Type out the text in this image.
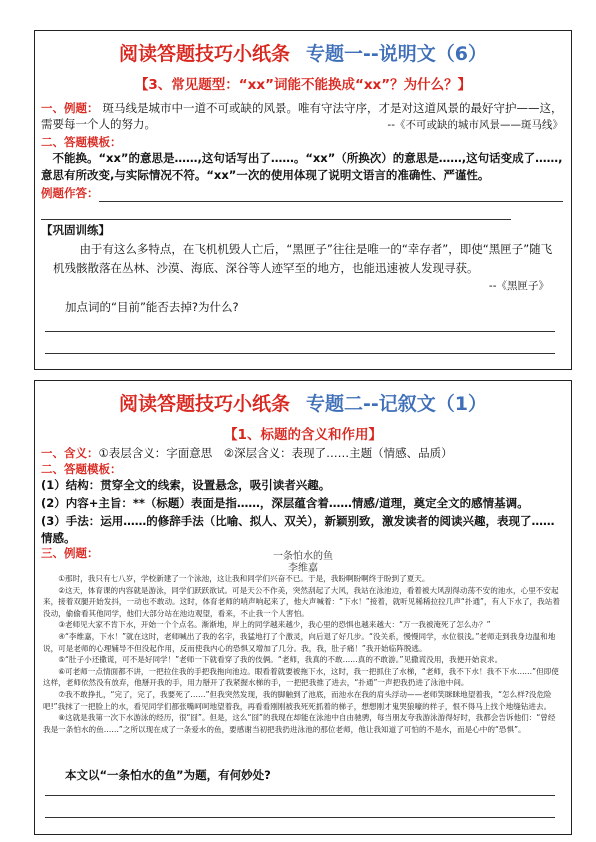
阅读答题技巧小纸条 专题一--说明文（6）
【3、常见题型：“xx”词能不能换成“xx”？为什么？】
一、例题： 斑马线是城市中一道不可或缺的风景。唯有守法守序，才是对这道风景的最好守护——这，需要每一个人的努力。	--《不可或缺的城市风景——斑马线》
二、答题模板：
不能换。“xx”的意思是……,这句话写出了……。“xx”（所换次）的意思是……,这句话变成了……,意思有所改变,与实际情况不符。“xx”一次的使用体现了说明文语言的准确性、严谨性。
例题作答：
【巩固训练】
由于有这么多特点，在飞机机毁人亡后，“黑匣子”往往是唯一的“幸存者”，即使“黑匣子”随飞机残骸散落在丛林、沙漠、海底、深谷等人迹罕至的地方，也能迅速被人发现寻获。
--《黑匣子》
加点词的“目前”能否去掉?为什么?
阅读答题技巧小纸条 专题二--记叙文（1）
【1、标题的含义和作用】
一、含义：①表层含义：字面意思　②深层含义：表现了……主题（情感、品质）
二、答题模板：
(1）结构：贯穿全文的线索，设置悬念，吸引读者兴趣。
(2）内容+主旨：**（标题）表面是指……，深层蕴含着……情感/道理，奠定全文的感情基调。
(3）手法：运用……的修辞手法（比喻、拟人、双关），新颖别致，激发读者的阅读兴趣，表现了……情感。
三、例题：	一条怕水的鱼
李维嘉

①那时，我只有七八岁，学校新建了一个泳池，这让我和同学们兴奋不已。于是，我盼啊盼啊终于盼到了夏天。

②这天，体育课的内容就是游泳，同学们跃跃欲试。可是天公不作美，突然刮起了大风，我站在泳池边，看着被大风刮得动荡不安的池水，心里不安起来，接着双腿开始发抖，一动也不敢动。这时，体育老师的哨声响起来了，他大声喊着：“下水！”接着，就听见稀稀拉拉几声“扑通”，有人下水了，我站着没动，偷偷看其他同学，他们大部分站在池边观望，看来，不止我一个人害怕。

③老师见大家不肯下水，开始一个个点名。渐渐地，岸上的同学越来越少，我心里的恐惧也越来越大：“万一我被淹死了怎么办？”

④“李维嘉，下水！”就在这时，老师喊出了我的名字，我猛地打了个激灵，向后退了好几步。“没关系，慢慢同学，水位很浅。”老师走到我身边温和地说，可是老师的心理辅导不但没起作用，反而使我内心的恐惧又增加了几分。我，我，肚子痛！”我开始临阵脱逃。

⑤“肚子小还撒谎，可不是好同学！”老师一下就看穿了我的伎俩。“老师，我真的不敢……真的不敢游。”见撒谎没用，我便开始哀求。

⑥可老师一点情面都不讲，一把拉住我的手把我拖向池边。眼看着就要被拖下水，这时，我一把抓住了水梯，“老师，我不下水！我不下水……”但即使这样，老师依然没有放弃，他掰开我的手，用力掰开了我紧握水梯的手，一把把我推了进去，“扑通”一声把我扔进了泳池中间。

⑦我不敢挣扎，“完了，完了，我要死了……”但我突然发现，我的脚触到了池底，而池水在我的肩头浮动——老师笑眯眯地望着我，“怎么样?没危险吧!”我抹了一把脸上的水，看见同学们都张嘴呵呵地望着我，再看看刚刚被我死死抓着的梯子，想想刚才鬼哭狼嚎的样子，恨不得马上找个地缝钻进去。

⑧这就是我第一次下水游泳的经历，很“囧”。但是，这么“囧”的我现在却能在泳池中自由驰骋，每当朋友夸我游泳游得好时，我都会告诉他们：“曾经我是一条怕水的鱼……”之所以现在成了一条爱水的鱼，要感谢当初把我扔进泳池的那位老师，他让我知道了可怕的不是水，而是心中的“恐惧”。

本文以“一条怕水的鱼”为题，有何妙处?
